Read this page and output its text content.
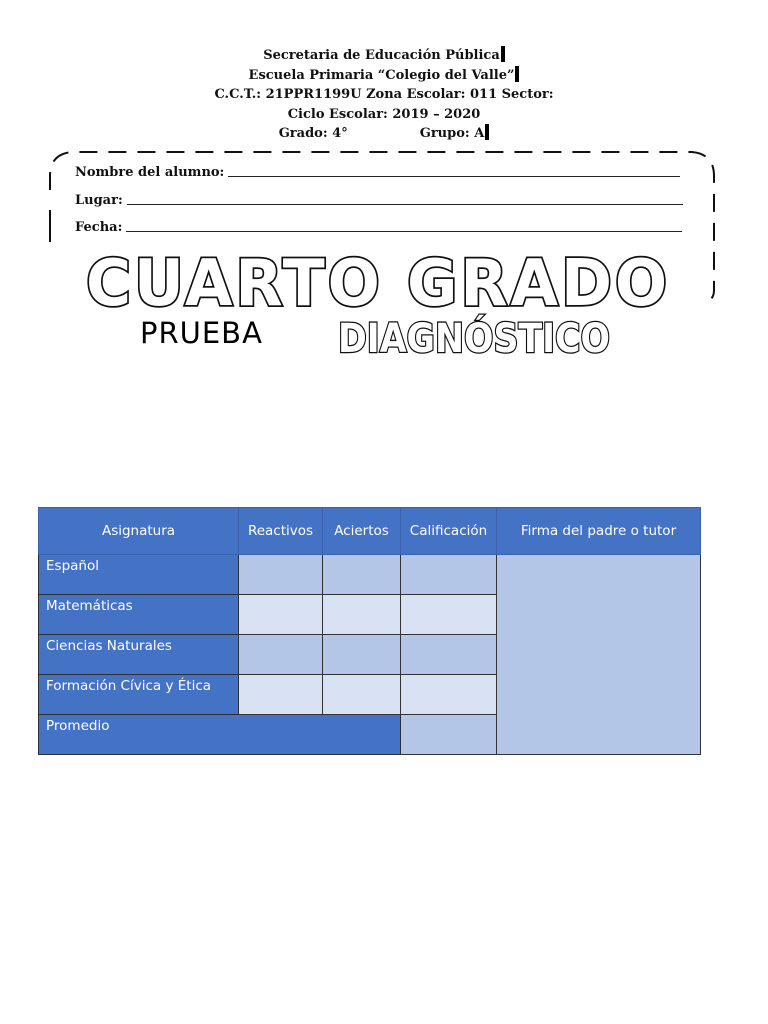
Secretaria de Educación Pública
Escuela Primaria “Colegio del Valle”
C.C.T.: 21PPR1199U Zona Escolar: 011 Sector:
Ciclo Escolar: 2019 – 2020
Grado: 4°	Grupo: A
Nombre del alumno:
Lugar:
Fecha:
CUARTO GRADO
PRUEBA DIAGNÓSTICO
Asignatura	Reactivos	Aciertos	Calificación	Firma del padre o tutor
Español				
Matemáticas				
Ciencias Naturales				
Formación Cívica y Ética				
Promedio				
